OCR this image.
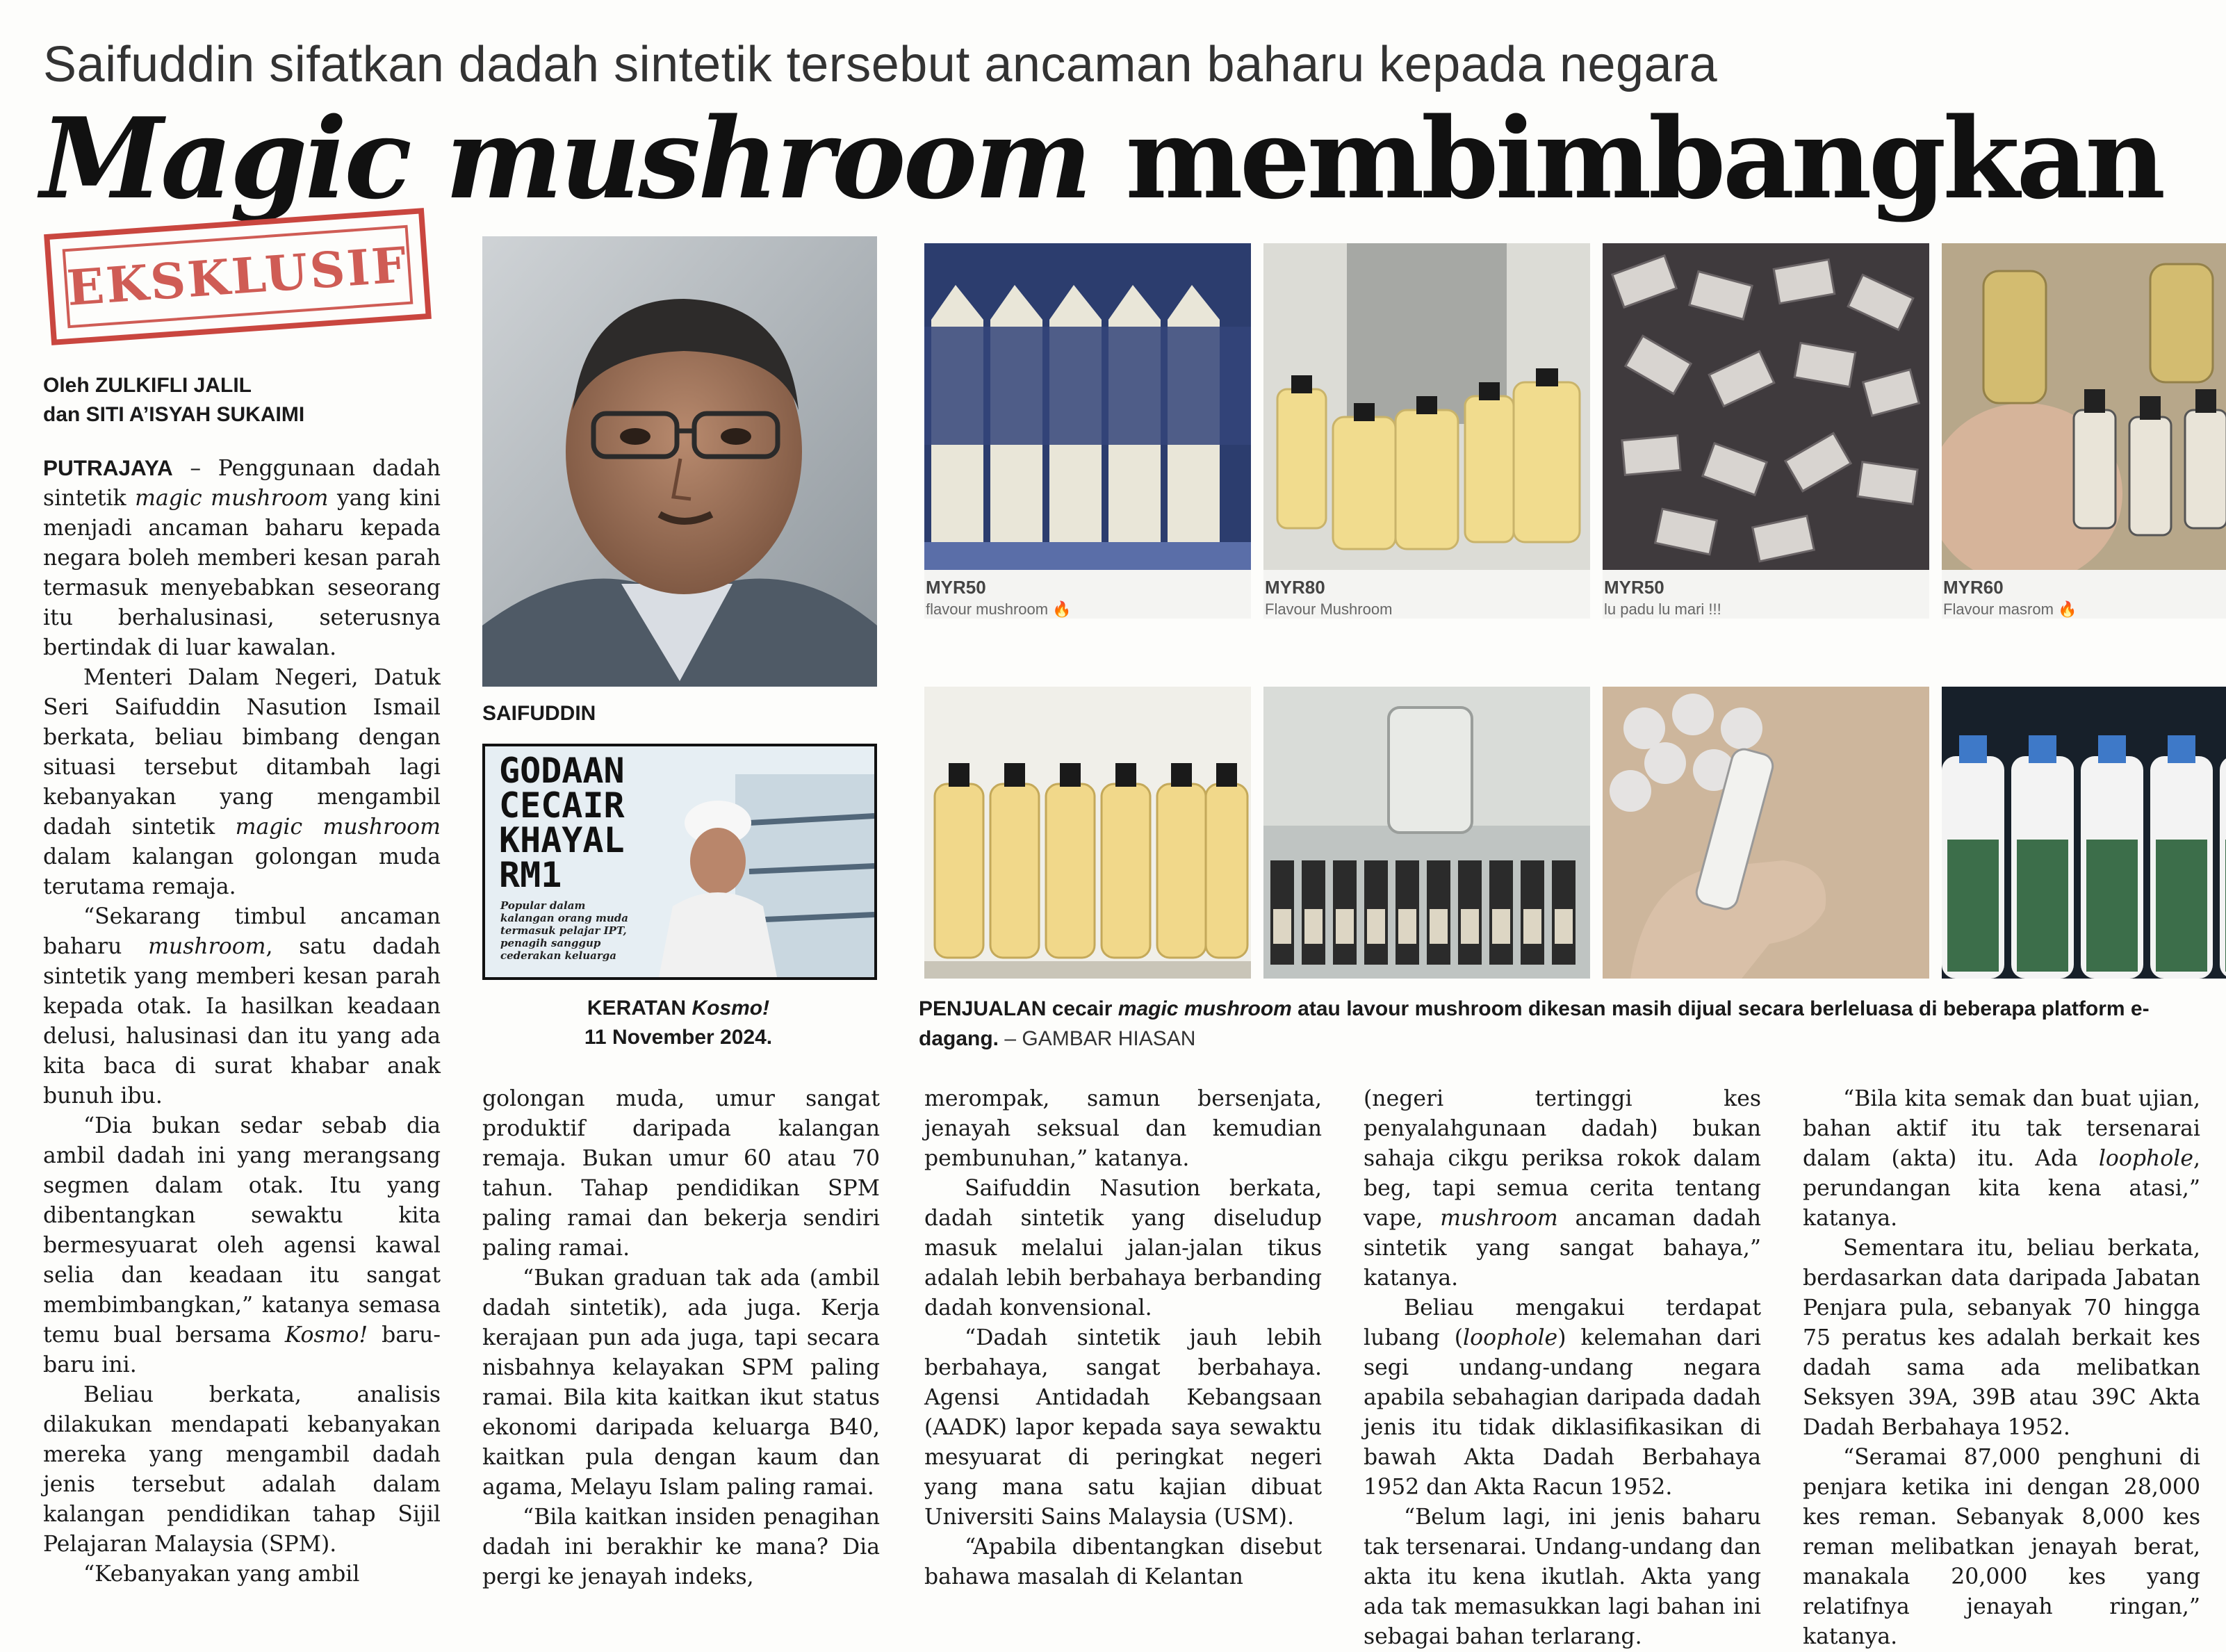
Saifuddin sifatkan dadah sintetik tersebut ancaman baharu kepada negara
Magic mushroom membimbangkan
EKSKLUSIF
Oleh ZULKIFLI JALIL
dan SITI A’ISYAH SUKAIMI
SAIFUDDIN
GODAAN
CECAIR
KHAYAL
RM1
Popular dalam kalangan orang muda termasuk pelajar IPT, penagih sanggup cederakan keluarga
KERATAN Kosmo!
11 November 2024.
MYR50
flavour mushroom 🔥
MYR80
Flavour Mushroom
MYR50
lu padu lu mari !!!
MYR60
Flavour masrom 🔥
PENJUALAN cecair magic mushroom atau lavour mushroom dikesan masih dijual secara berleluasa di beberapa platform e-dagang. – GAMBAR HIASAN

PUTRAJAYA – Penggunaan dadah sintetik magic mushroom yang kini menjadi ancaman baharu kepada negara boleh memberi kesan parah termasuk menyebabkan seseorang itu berhalusinasi, seterusnya bertindak di luar kawalan.

Menteri Dalam Negeri, Datuk Seri Saifuddin Nasution Ismail berkata, beliau bimbang dengan situasi tersebut ditambah lagi kebanyakan yang mengambil dadah sintetik magic mushroom dalam kalangan golongan muda terutama remaja.

“Sekarang timbul ancaman baharu mushroom, satu dadah sintetik yang memberi kesan parah kepada otak. Ia hasilkan keadaan delusi, halusinasi dan itu yang ada kita baca di surat khabar anak bunuh ibu.

“Dia bukan sedar sebab dia ambil dadah ini yang merangsang segmen dalam otak. Itu yang dibentangkan sewaktu kita bermesyuarat oleh agensi kawal selia dan keadaan itu sangat membimbangkan,” katanya semasa temu bual bersama Kosmo! baru-baru ini.

Beliau berkata, analisis dilakukan mendapati kebanyakan mereka yang mengambil dadah jenis tersebut adalah dalam kalangan pendidikan tahap Sijil Pelajaran Malaysia (SPM).

“Kebanyakan yang ambil

golongan muda, umur sangat produktif daripada kalangan remaja. Bukan umur 60 atau 70 tahun. Tahap pendidikan SPM paling ramai dan bekerja sendiri paling ramai.

“Bukan graduan tak ada (ambil dadah sintetik), ada juga. Kerja kerajaan pun ada juga, tapi secara nisbahnya kelayakan SPM paling ramai. Bila kita kaitkan ikut status ekonomi daripada keluarga B40, kaitkan pula dengan kaum dan agama, Melayu Islam paling ramai.

“Bila kaitkan insiden penagihan dadah ini berakhir ke mana? Dia pergi ke jenayah indeks,

merompak, samun bersenjata, jenayah seksual dan kemudian pembunuhan,” katanya.

Saifuddin Nasution berkata, dadah sintetik yang diseludup masuk melalui jalan-jalan tikus adalah lebih berbahaya berbanding dadah konvensional.

“Dadah sintetik jauh lebih berbahaya, sangat berbahaya. Agensi Antidadah Kebangsaan (AADK) lapor kepada saya sewaktu mesyuarat di peringkat negeri yang mana satu kajian dibuat Universiti Sains Malaysia (USM).

“Apabila dibentangkan disebut bahawa masalah di Kelantan

(negeri tertinggi kes penyalahgunaan dadah) bukan sahaja cikgu periksa rokok dalam beg, tapi semua cerita tentang vape, mushroom ancaman dadah sintetik yang sangat bahaya,” katanya.

Beliau mengakui terdapat lubang (loophole) kelemahan dari segi undang-undang negara apabila sebahagian daripada dadah jenis itu tidak diklasifikasikan di bawah Akta Dadah Berbahaya 1952 dan Akta Racun 1952.

“Belum lagi, ini jenis baharu tak tersenarai. Undang-undang dan akta itu kena ikutlah. Akta yang ada tak memasukkan lagi bahan ini sebagai bahan terlarang.

“Bila kita semak dan buat ujian, bahan aktif itu tak tersenarai dalam (akta) itu. Ada loophole, perundangan kita kena atasi,” katanya.

Sementara itu, beliau berkata, berdasarkan data daripada Jabatan Penjara pula, sebanyak 70 hingga 75 peratus kes adalah berkait kes dadah sama ada melibatkan Seksyen 39A, 39B atau 39C Akta Dadah Berbahaya 1952.

“Seramai 87,000 penghuni di penjara ketika ini dengan 28,000 kes reman. Sebanyak 8,000 kes reman melibatkan jenayah berat, manakala 20,000 kes yang relatifnya jenayah ringan,” katanya.
